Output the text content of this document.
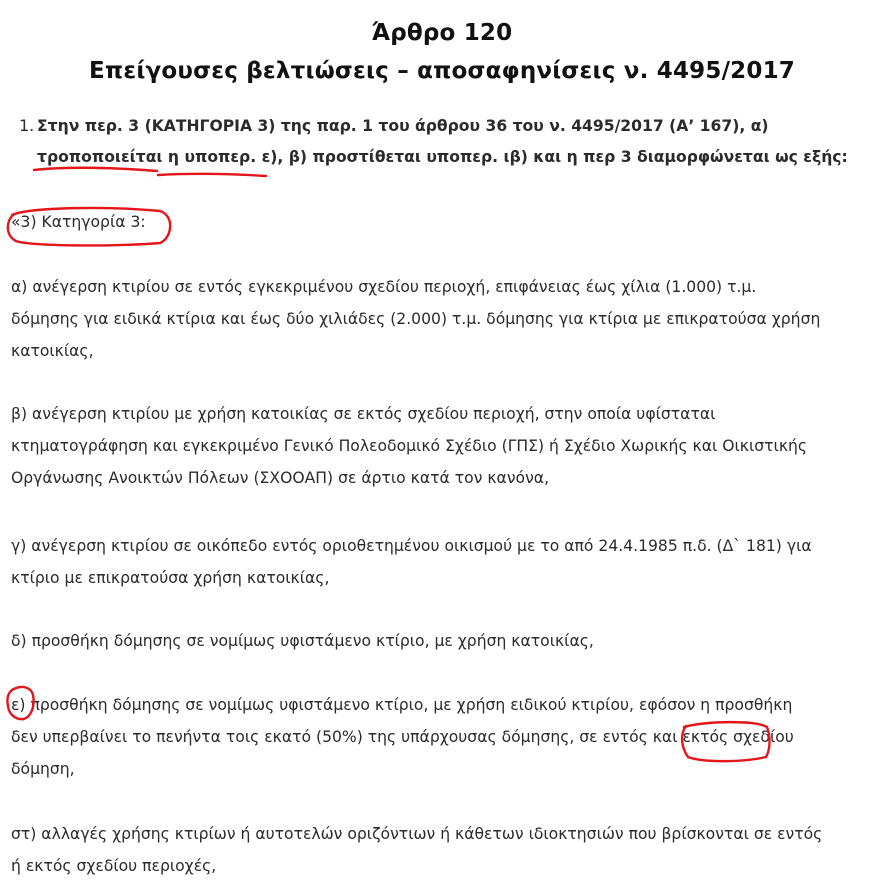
Άρθρο 120
Επείγουσες βελτιώσεις – αποσαφηνίσεις ν. 4495/2017
1. Στην περ. 3 (ΚΑΤΗΓΟΡΙΑ 3) της παρ. 1 του άρθρου 36 του ν. 4495/2017 (Α’ 167), α)
τροποποιείται η υποπερ. ε), β) προστίθεται υποπερ. ιβ) και η περ 3 διαμορφώνεται ως εξής:
«3) Κατηγορία 3:
α) ανέγερση κτιρίου σε εντός εγκεκριμένου σχεδίου περιοχή, επιφάνειας έως χίλια (1.000) τ.μ.
δόμησης για ειδικά κτίρια και έως δύο χιλιάδες (2.000) τ.μ. δόμησης για κτίρια με επικρατούσα χρήση
κατοικίας,
β) ανέγερση κτιρίου με χρήση κατοικίας σε εκτός σχεδίου περιοχή, στην οποία υφίσταται
κτηματογράφηση και εγκεκριμένο Γενικό Πολεοδομικό Σχέδιο (ΓΠΣ) ή Σχέδιο Χωρικής και Οικιστικής
Οργάνωσης Ανοικτών Πόλεων (ΣΧΟΟΑΠ) σε άρτιο κατά τον κανόνα,
γ) ανέγερση κτιρίου σε οικόπεδο εντός οριοθετημένου οικισμού με το από 24.4.1985 π.δ. (Δ` 181) για
κτίριο με επικρατούσα χρήση κατοικίας,
δ) προσθήκη δόμησης σε νομίμως υφιστάμενο κτίριο, με χρήση κατοικίας,
ε) προσθήκη δόμησης σε νομίμως υφιστάμενο κτίριο, με χρήση ειδικού κτιρίου, εφόσον η προσθήκη
δεν υπερβαίνει το πενήντα τοις εκατό (50%) της υπάρχουσας δόμησης, σε εντός και εκτός σχεδίου
δόμηση,
στ) αλλαγές χρήσης κτιρίων ή αυτοτελών οριζόντιων ή κάθετων ιδιοκτησιών που βρίσκονται σε εντός
ή εκτός σχεδίου περιοχές,
